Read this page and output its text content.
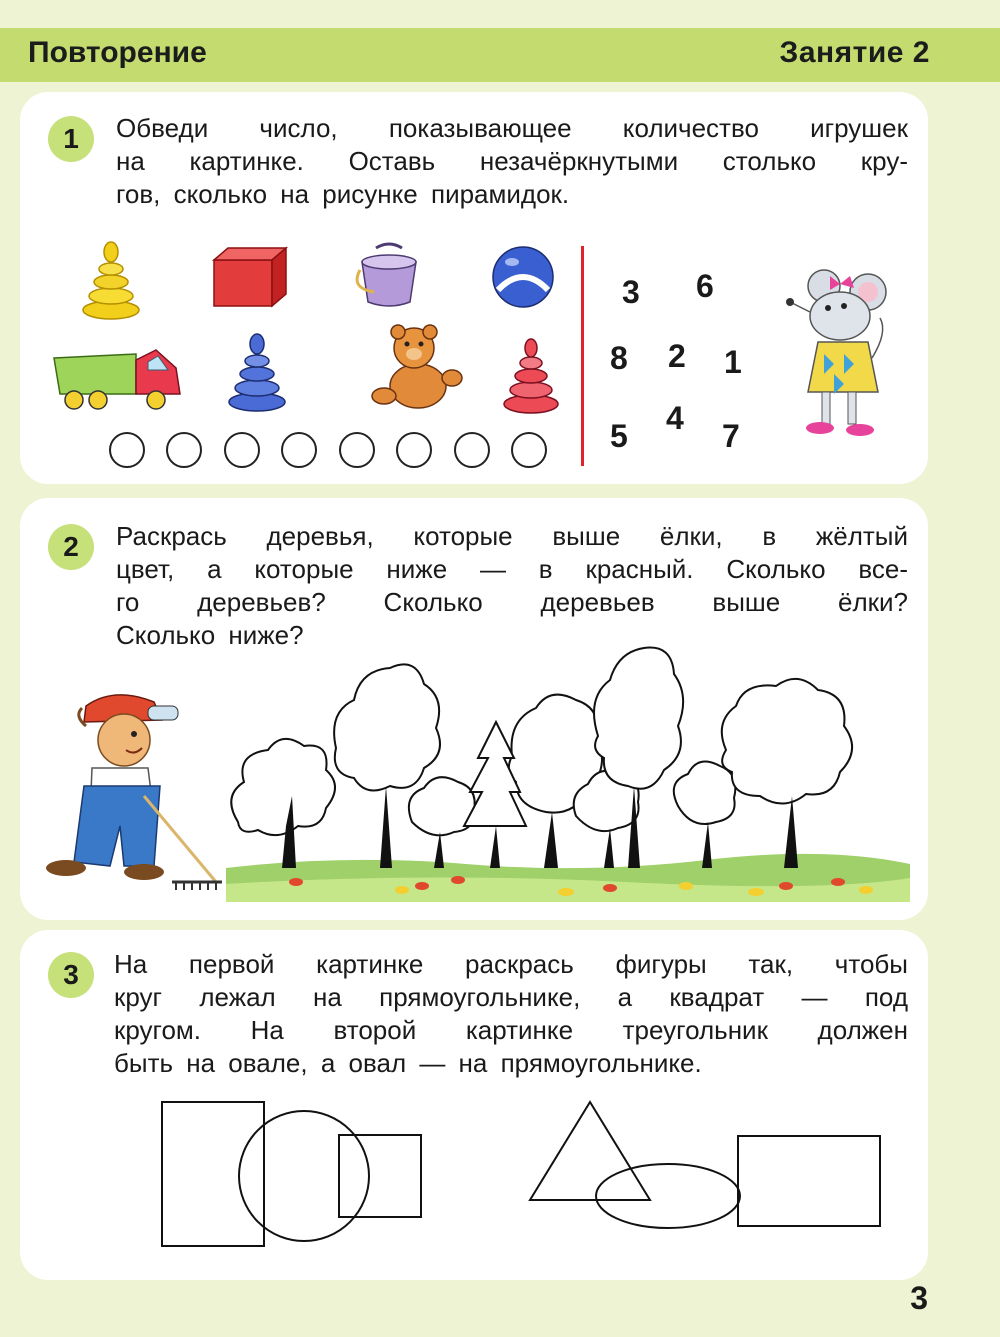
Повторение	Занятие 2
1	Обведи число, показывающее количество игрушек
на картинке. Оставь незачёркнутыми столько кру-
гов, сколько на рисунке пирамидок.
3 6
8 2 1
5 4 7
2	Раскрась деревья, которые выше ёлки, в жёлтый
цвет, а которые ниже — в красный. Сколько все-
го деревьев? Сколько деревьев выше ёлки?
Сколько ниже?
3	На первой картинке раскрась фигуры так, чтобы
круг лежал на прямоугольнике, а квадрат — под
кругом. На второй картинке треугольник должен
быть на овале, а овал — на прямоугольнике.
3
